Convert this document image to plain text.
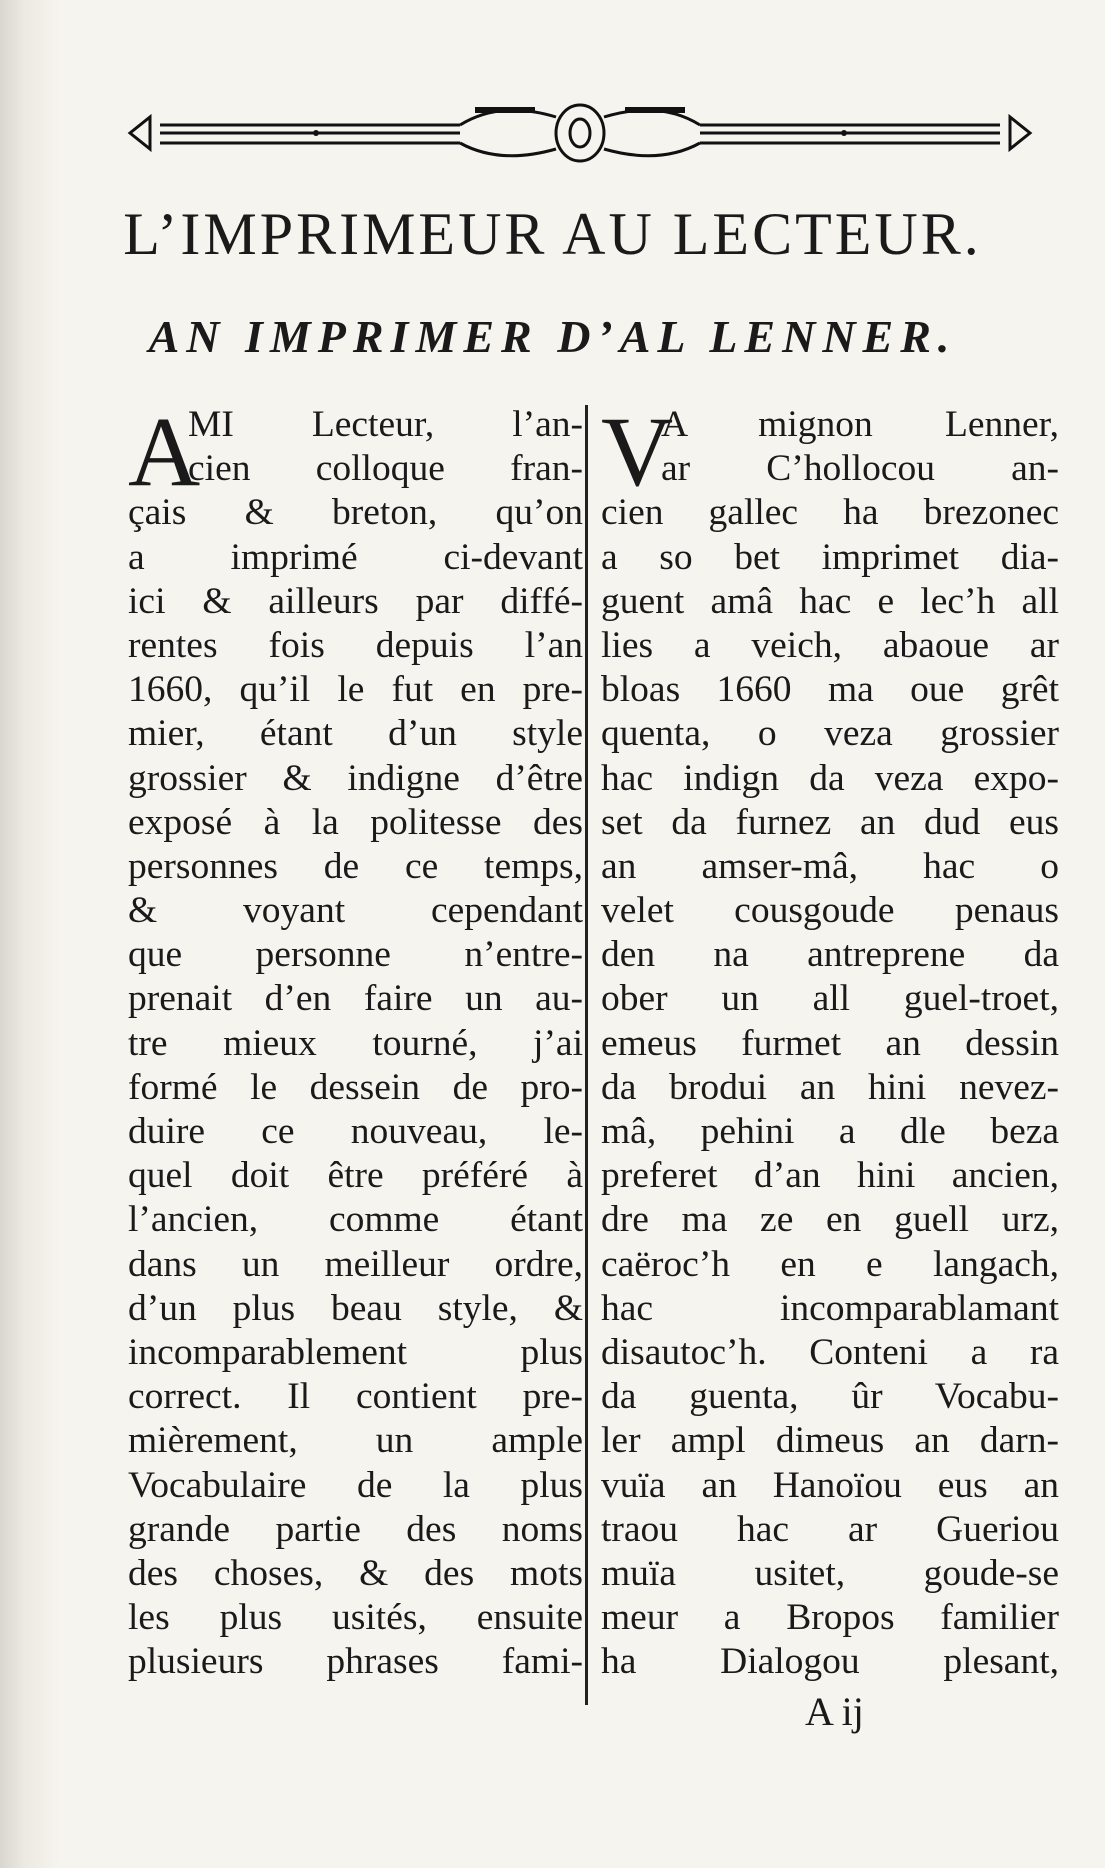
L’IMPRIMEUR AU LECTEUR.
AN IMPRIMER D’AL LENNER.
A
MI Lecteur, l’an-
cien colloque fran-
çais & breton, qu’on
a imprimé ci-devant
ici & ailleurs par diffé-
rentes fois depuis l’an
1660, qu’il le fut en pre-
mier, étant d’un style
grossier & indigne d’être
exposé à la politesse des
personnes de ce temps,
& voyant cependant
que personne n’entre-
prenait d’en faire un au-
tre mieux tourné, j’ai
formé le dessein de pro-
duire ce nouveau, le-
quel doit être préféré à
l’ancien, comme étant
dans un meilleur ordre,
d’un plus beau style, &
incomparablement plus
correct. Il contient pre-
mièrement, un ample
Vocabulaire de la plus
grande partie des noms
des choses, & des mots
les plus usités, ensuite
plusieurs phrases fami-
V
A mignon Lenner,
ar C’hollocou an-
cien gallec ha brezonec
a so bet imprimet dia-
guent amâ hac e lec’h all
lies a veich, abaoue ar
bloas 1660 ma oue grêt
quenta, o veza grossier
hac indign da veza expo-
set da furnez an dud eus
an amser-mâ, hac o
velet cousgoude penaus
den na antreprene da
ober un all guel-troet,
emeus furmet an dessin
da brodui an hini nevez-
mâ, pehini a dle beza
preferet d’an hini ancien,
dre ma ze en guell urz,
caëroc’h en e langach,
hac incomparablamant
disautoc’h. Conteni a ra
da guenta, ûr Vocabu-
ler ampl dimeus an darn-
vuïa an Hanoïou eus an
traou hac ar Gueriou
muïa usitet, goude-se
meur a Bropos familier
ha Dialogou plesant,
A ij
